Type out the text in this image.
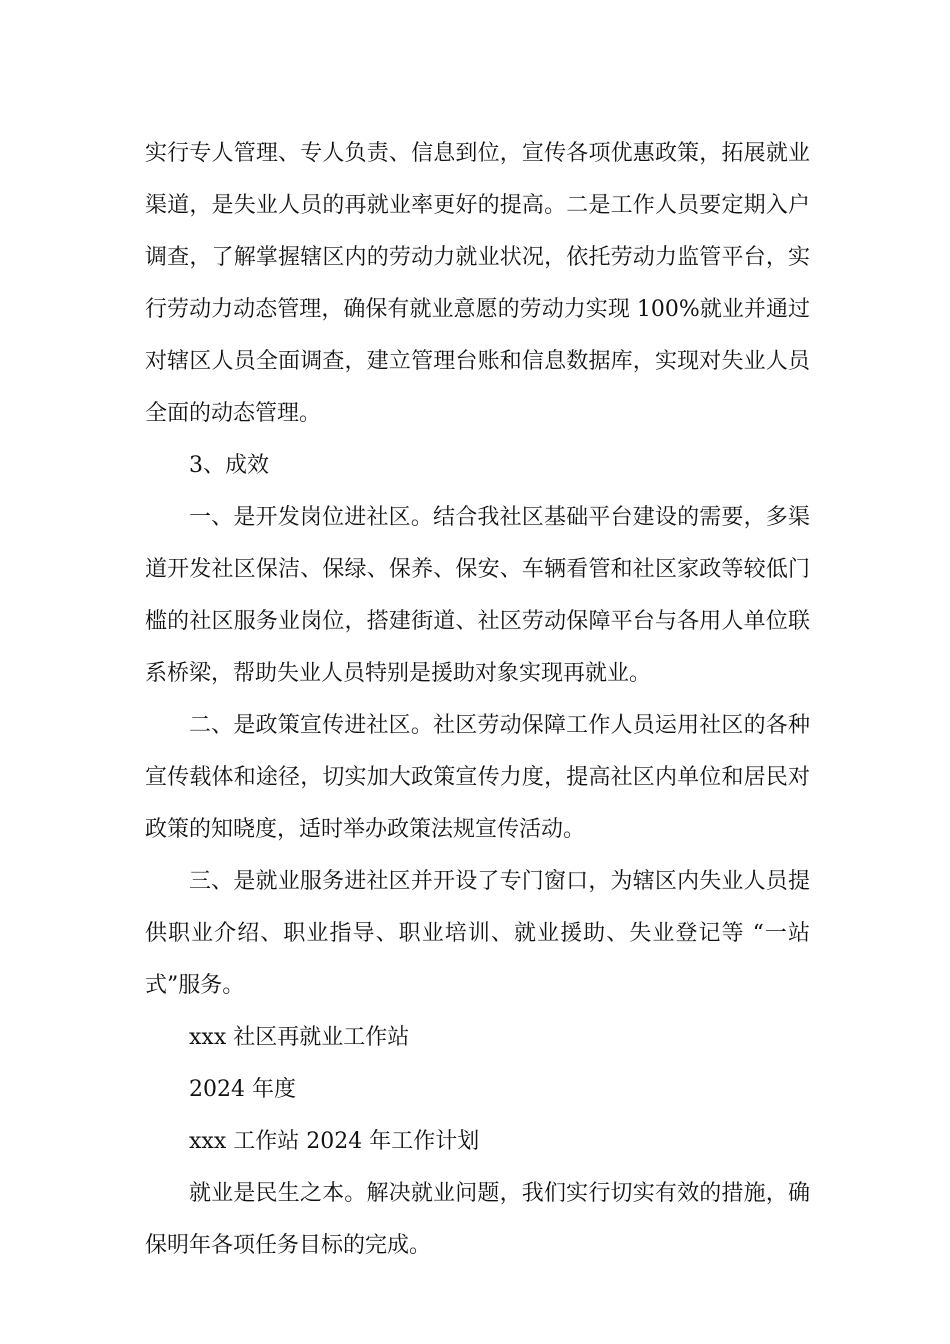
实行专人管理、专人负责、信息到位，宣传各项优惠政策，拓展就业渠道，是失业人员的再就业率更好的提高。二是工作人员要定期入户调查，了解掌握辖区内的劳动力就业状况，依托劳动力监管平台，实行劳动力动态管理，确保有就业意愿的劳动力实现 100%就业并通过对辖区人员全面调查，建立管理台账和信息数据库，实现对失业人员全面的动态管理。

3、成效

一、是开发岗位进社区。结合我社区基础平台建设的需要，多渠道开发社区保洁、保绿、保养、保安、车辆看管和社区家政等较低门槛的社区服务业岗位，搭建街道、社区劳动保障平台与各用人单位联系桥梁，帮助失业人员特别是援助对象实现再就业。

二、是政策宣传进社区。社区劳动保障工作人员运用社区的各种宣传载体和途径，切实加大政策宣传力度，提高社区内单位和居民对政策的知晓度，适时举办政策法规宣传活动。

三、是就业服务进社区并开设了专门窗口，为辖区内失业人员提供职业介绍、职业指导、职业培训、就业援助、失业登记等 “一站式”服务。

xxx 社区再就业工作站

2024 年度

xxx 工作站 2024 年工作计划

就业是民生之本。解决就业问题，我们实行切实有效的措施，确保明年各项任务目标的完成。
